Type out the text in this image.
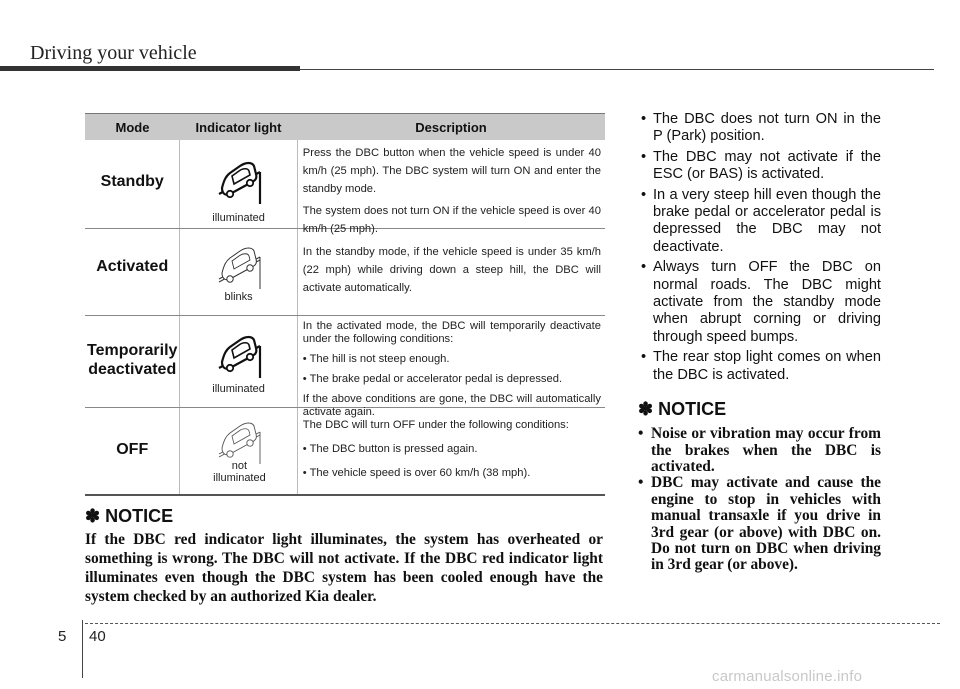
Driving your vehicle
Mode	Indicator light	Description
Standby
illuminated

Press the DBC button when the vehicle speed is under 40 km/h (25 mph). The DBC system will turn ON and enter the standby mode.

The system does not turn ON if the vehicle speed is over 40 km/h (25 mph).

Activated
blinks

In the standby mode, if the vehicle speed is under 35 km/h (22 mph) while driving down a steep hill, the DBC will activate automatically.

Temporarily deactivated
illuminated

In the activated mode, the DBC will temporarily deactivate under the following conditions:

• The hill is not steep enough.

• The brake pedal or accelerator pedal is depressed.

If the above conditions are gone, the DBC will automatically activate again.

OFF
not illuminated

The DBC will turn OFF under the following conditions:

• The DBC button is pressed again.

• The vehicle speed is over 60 km/h (38 mph).

✽ NOTICE
If the DBC red indicator light illuminates, the system has overheated or something is wrong. The DBC will not activate. If the DBC red indicator light illuminates even though the DBC system has been cooled enough have the system checked by an authorized Kia dealer.
• The DBC does not turn ON in the P (Park) position.
• The DBC may not activate if the ESC (or BAS) is activated.
• In a very steep hill even though the brake pedal or accelerator pedal is depressed the DBC may not deactivate.
• Always turn OFF the DBC on normal roads. The DBC might activate from the standby mode when abrupt corning or driving through speed bumps.
• The rear stop light comes on when the DBC is activated.
✽ NOTICE
• Noise or vibration may occur from the brakes when the DBC is activated.
• DBC may activate and cause the engine to stop in vehicles with manual transaxle if you drive in 3rd gear (or above) with DBC on. Do not turn on DBC when driving in 3rd gear (or above).
5 40
carmanualsonline.info
